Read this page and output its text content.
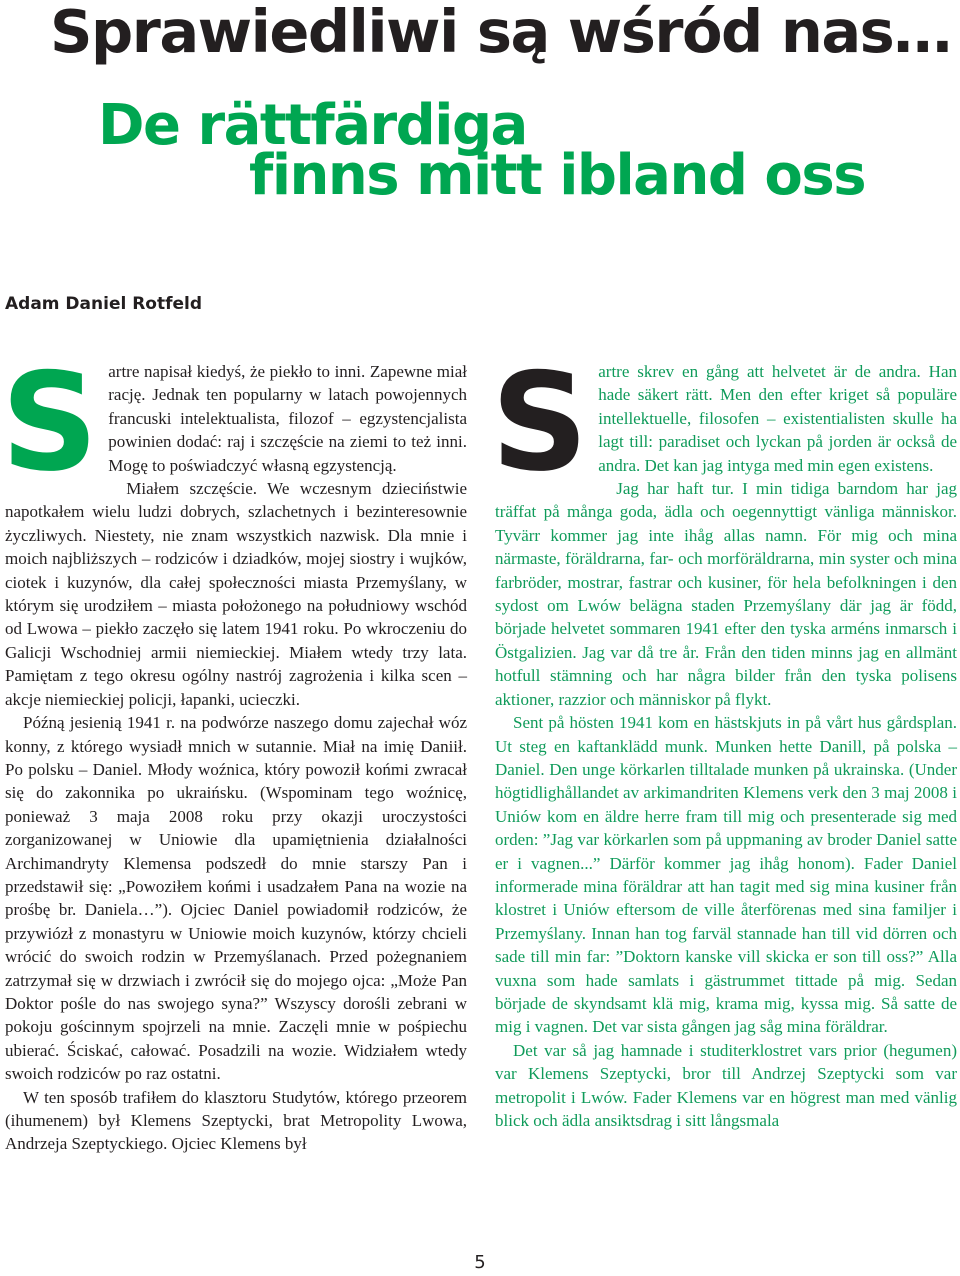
Sprawiedliwi są wśród nas…
De rättfärdiga
finns mitt ibland oss

Adam Daniel Rotfeld

S artre napisał kiedyś, że piekło to inni. Zapewne miał rację. Jednak ten popularny w latach powojennych francuski intelektualista, filozof – egzystencjalista powinien dodać: raj i szczęście na ziemi to też inni. Mogę to poświadczyć własną egzystencją.

Miałem szczęście. We wczesnym dzieciństwie napotkałem wielu ludzi dobrych, szlachetnych i bezinteresownie życzliwych. Niestety, nie znam wszystkich nazwisk. Dla mnie i moich najbliższych – rodziców i dziadków, mojej siostry i wujków, ciotek i kuzynów, dla całej społeczności miasta Przemyślany, w którym się urodziłem – miasta położonego na południowy wschód od Lwowa – piekło zaczęło się latem 1941 roku. Po wkroczeniu do Galicji Wschodniej armii niemieckiej. Miałem wtedy trzy lata. Pamiętam z tego okresu ogólny nastrój zagrożenia i kilka scen – akcje niemieckiej policji, łapanki, ucieczki.

Późną jesienią 1941 r. na podwórze naszego domu zajechał wóz konny, z którego wysiadł mnich w sutannie. Miał na imię Daniił. Po polsku – Daniel. Młody woźnica, który powoził końmi zwracał się do zakonnika po ukraińsku. (Wspominam tego woźnicę, ponieważ 3 maja 2008 roku przy okazji uroczystości zorganizowanej w Uniowie dla upamiętnienia działalności Archimandryty Klemensa podszedł do mnie starszy Pan i przedstawił się: „Powoziłem końmi i usadzałem Pana na wozie na prośbę br. Daniela…”). Ojciec Daniel powiadomił rodziców, że przywiózł z monastyru w Uniowie moich kuzynów, którzy chcieli wrócić do swoich rodzin w Przemyślanach. Przed pożegnaniem zatrzymał się w drzwiach i zwrócił się do mojego ojca: „Może Pan Doktor pośle do nas swojego syna?” Wszyscy dorośli zebrani w pokoju gościnnym spojrzeli na mnie. Zaczęli mnie w pośpiechu ubierać. Ściskać, całować. Posadzili na wozie. Widziałem wtedy swoich rodziców po raz ostatni.

W ten sposób trafiłem do klasztoru Studytów, którego przeorem (ihumenem) był Klemens Szeptycki, brat Metropolity Lwowa, Andrzeja Szeptyckiego. Ojciec Klemens był

S artre skrev en gång att helvetet är de andra. Han hade säkert rätt. Men den efter kriget så populäre intellektuelle, filosofen – existentialisten skulle ha lagt till: paradiset och lyckan på jorden är också de andra. Det kan jag intyga med min egen existens.

Jag har haft tur. I min tidiga barndom har jag träffat på många goda, ädla och oegennyttigt vänliga människor. Tyvärr kommer jag inte ihåg allas namn. För mig och mina närmaste, föräldrarna, far- och morföräldrarna, min syster och mina farbröder, mostrar, fastrar och kusiner, för hela befolkningen i den sydost om Lwów belägna staden Przemyślany där jag är född, började helvetet sommaren 1941 efter den tyska arméns inmarsch i Östgalizien. Jag var då tre år. Från den tiden minns jag en allmänt hotfull stämning och har några bilder från den tyska polisens aktioner, razzior och människor på flykt.

Sent på hösten 1941 kom en hästskjuts in på vårt hus gårdsplan. Ut steg en kaftanklädd munk. Munken hette Danill, på polska – Daniel. Den unge körkarlen tilltalade munken på ukrainska. (Under högtidlighållandet av arkimandriten Klemens verk den 3 maj 2008 i Uniów kom en äldre herre fram till mig och presenterade sig med orden: ”Jag var körkarlen som på uppmaning av broder Daniel satte er i vagnen...” Därför kommer jag ihåg honom). Fader Daniel informerade mina föräldrar att han tagit med sig mina kusiner från klostret i Uniów eftersom de ville återförenas med sina familjer i Przemyślany. Innan han tog farväl stannade han till vid dörren och sade till min far: ”Doktorn kanske vill skicka er son till oss?” Alla vuxna som hade samlats i gästrummet tittade på mig. Sedan började de skyndsamt klä mig, krama mig, kyssa mig. Så satte de mig i vagnen. Det var sista gången jag såg mina föräldrar.

Det var så jag hamnade i studiterklostret vars prior (hegumen) var Klemens Szeptycki, bror till Andrzej Szeptycki som var metropolit i Lwów. Fader Klemens var en högrest man med vänlig blick och ädla ansiktsdrag i sitt långsmala

5
